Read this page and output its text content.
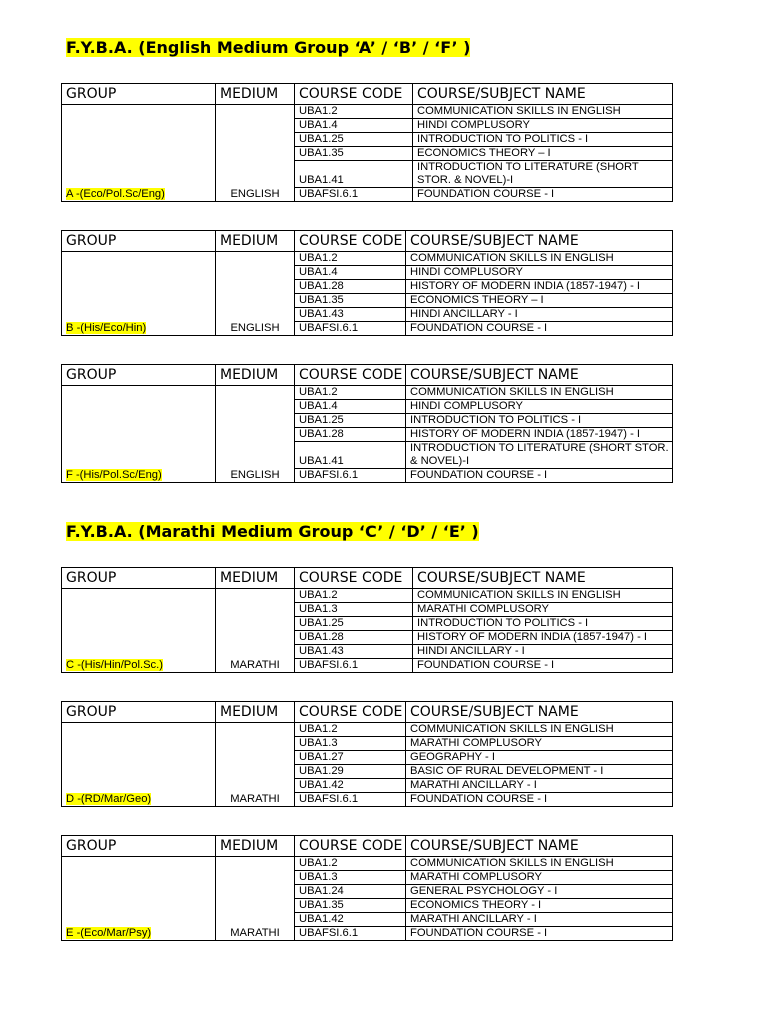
F.Y.B.A. (English Medium Group ‘A’ / ‘B’ / ‘F’ )
F.Y.B.A. (Marathi Medium Group ‘C’ / ‘D’ / ‘E’ )
GROUP	MEDIUM	COURSE CODE	COURSE/SUBJECT NAME
A -(Eco/Pol.Sc/Eng)	ENGLISH	UBA1.2	COMMUNICATION SKILLS IN ENGLISH
		UBA1.4	HINDI COMPLUSORY
		UBA1.25	INTRODUCTION TO POLITICS - I
		UBA1.35	ECONOMICS THEORY – I
		UBA1.41	INTRODUCTION TO LITERATURE (SHORT STOR. & NOVEL)-I
		UBAFSI.6.1	FOUNDATION COURSE - I
GROUP	MEDIUM	COURSE CODE	COURSE/SUBJECT NAME
B -(His/Eco/Hin)	ENGLISH	UBA1.2	COMMUNICATION SKILLS IN ENGLISH
		UBA1.4	HINDI COMPLUSORY
		UBA1.28	HISTORY OF MODERN INDIA (1857-1947) - I
		UBA1.35	ECONOMICS THEORY – I
		UBA1.43	HINDI ANCILLARY - I
		UBAFSI.6.1	FOUNDATION COURSE - I
GROUP	MEDIUM	COURSE CODE	COURSE/SUBJECT NAME
F -(His/Pol.Sc/Eng)	ENGLISH	UBA1.2	COMMUNICATION SKILLS IN ENGLISH
		UBA1.4	HINDI COMPLUSORY
		UBA1.25	INTRODUCTION TO POLITICS - I
		UBA1.28	HISTORY OF MODERN INDIA (1857-1947) - I
		UBA1.41	INTRODUCTION TO LITERATURE (SHORT STOR. & NOVEL)-I
		UBAFSI.6.1	FOUNDATION COURSE - I
GROUP	MEDIUM	COURSE CODE	COURSE/SUBJECT NAME
C -(His/Hin/Pol.Sc.)	MARATHI	UBA1.2	COMMUNICATION SKILLS IN ENGLISH
		UBA1.3	MARATHI COMPLUSORY
		UBA1.25	INTRODUCTION TO POLITICS - I
		UBA1.28	HISTORY OF MODERN INDIA (1857-1947) - I
		UBA1.43	HINDI ANCILLARY - I
		UBAFSI.6.1	FOUNDATION COURSE - I
GROUP	MEDIUM	COURSE CODE	COURSE/SUBJECT NAME
D -(RD/Mar/Geo)	MARATHI	UBA1.2	COMMUNICATION SKILLS IN ENGLISH
		UBA1.3	MARATHI COMPLUSORY
		UBA1.27	GEOGRAPHY - I
		UBA1.29	BASIC OF RURAL DEVELOPMENT - I
		UBA1.42	MARATHI ANCILLARY - I
		UBAFSI.6.1	FOUNDATION COURSE - I
GROUP	MEDIUM	COURSE CODE	COURSE/SUBJECT NAME
E -(Eco/Mar/Psy)	MARATHI	UBA1.2	COMMUNICATION SKILLS IN ENGLISH
		UBA1.3	MARATHI COMPLUSORY
		UBA1.24	GENERAL PSYCHOLOGY - I
		UBA1.35	ECONOMICS THEORY - I
		UBA1.42	MARATHI ANCILLARY - I
		UBAFSI.6.1	FOUNDATION COURSE - I
